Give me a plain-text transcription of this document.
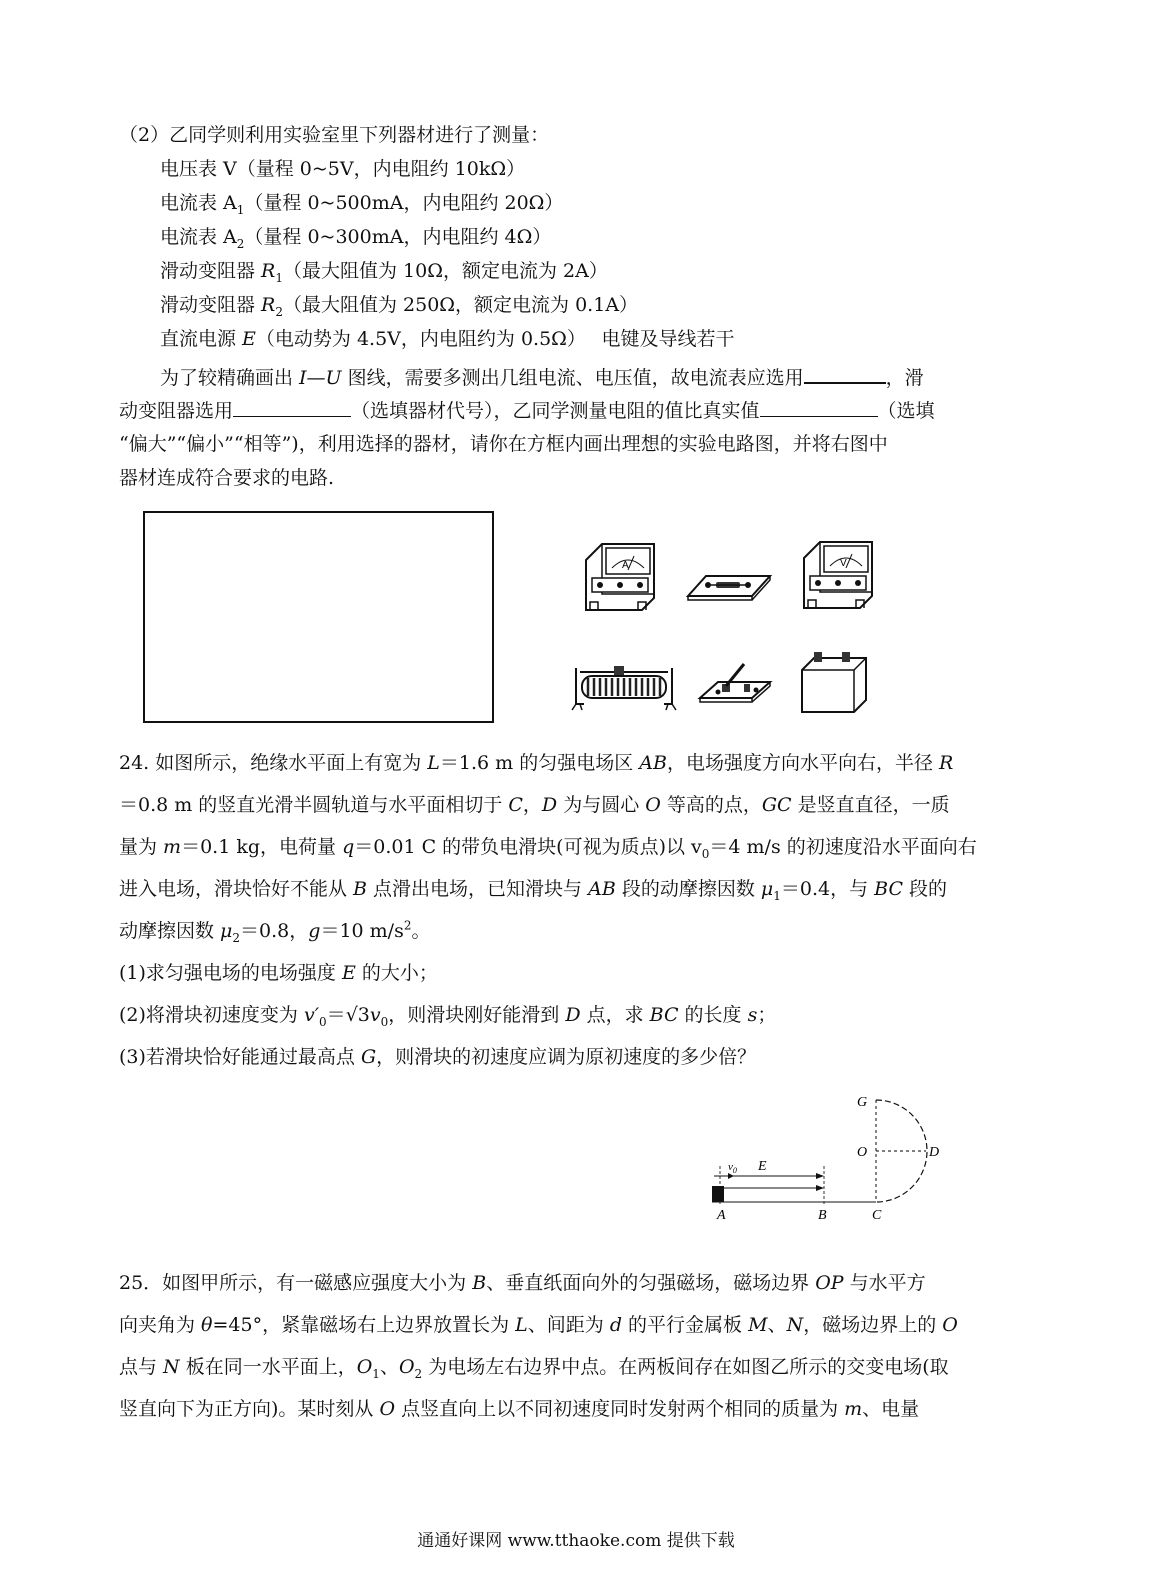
（2）乙同学则利用实验室里下列器材进行了测量：
电压表 V（量程 0~5V，内电阻约 10kΩ）
电流表 $A_1$（量程 0~500mA，内电阻约 20Ω）
电流表 $A_2$（量程 0~300mA，内电阻约 4Ω）
滑动变阻器 $R_1$（最大阻值为 10Ω，额定电流为 2A）
滑动变阻器 $R_2$（最大阻值为 250Ω，额定电流为 0.1A）
直流电源 E（电动势为 4.5V，内电阻约为 0.5Ω）　 电键及导线若干
为了较精确画出 I—U 图线，需要多测出几组电流、电压值，故电流表应选用	，滑
动变阻器选用	（选填器材代号），乙同学测量电阻的值比真实值	（选填
“偏大”“偏小”“相等”)，利用选择的器材，请你在方框内画出理想的实验电路图，并将右图中
器材连成符合要求的电路.
A	V
24. 如图所示，绝缘水平面上有宽为 L＝1.6 m 的匀强电场区 AB，电场强度方向水平向右，半径 R
＝0.8 m 的竖直光滑半圆轨道与水平面相切于 C，D 为与圆心 O 等高的点，GC 是竖直直径，一质
量为 m＝0.1 kg，电荷量 q＝0.01 C 的带负电滑块(可视为质点)以 $v_0=4$ m/s 的初速度沿水平面向右
进入电场，滑块恰好不能从 B 点滑出电场，已知滑块与 AB 段的动摩擦因数 $\mu_1=0.4$，与 BC 段的
动摩擦因数 $\mu_2=0.8$，g＝10 $m/s^2$。
(1)求匀强电场的电场强度 E 的大小；
(2)将滑块初速度变为 $v'_0=√3v_0$，则滑块刚好能滑到 D 点，求 BC 的长度 s；
(3)若滑块恰好能通过最高点 G，则滑块的初速度应调为原初速度的多少倍？
G
O	D
A	B	C
E
$v_0$
25．如图甲所示，有一磁感应强度大小为 B、垂直纸面向外的匀强磁场，磁场边界 OP 与水平方
向夹角为 θ=45°，紧靠磁场右上边界放置长为 L、间距为 d 的平行金属板 M、N，磁场边界上的 O
点与 N 板在同一水平面上，$O_1$、$O_2$ 为电场左右边界中点。在两板间存在如图乙所示的交变电场(取
竖直向下为正方向)。某时刻从 O 点竖直向上以不同初速度同时发射两个相同的质量为 m、电量
通通好课网 www.tthaoke.com 提供下载
